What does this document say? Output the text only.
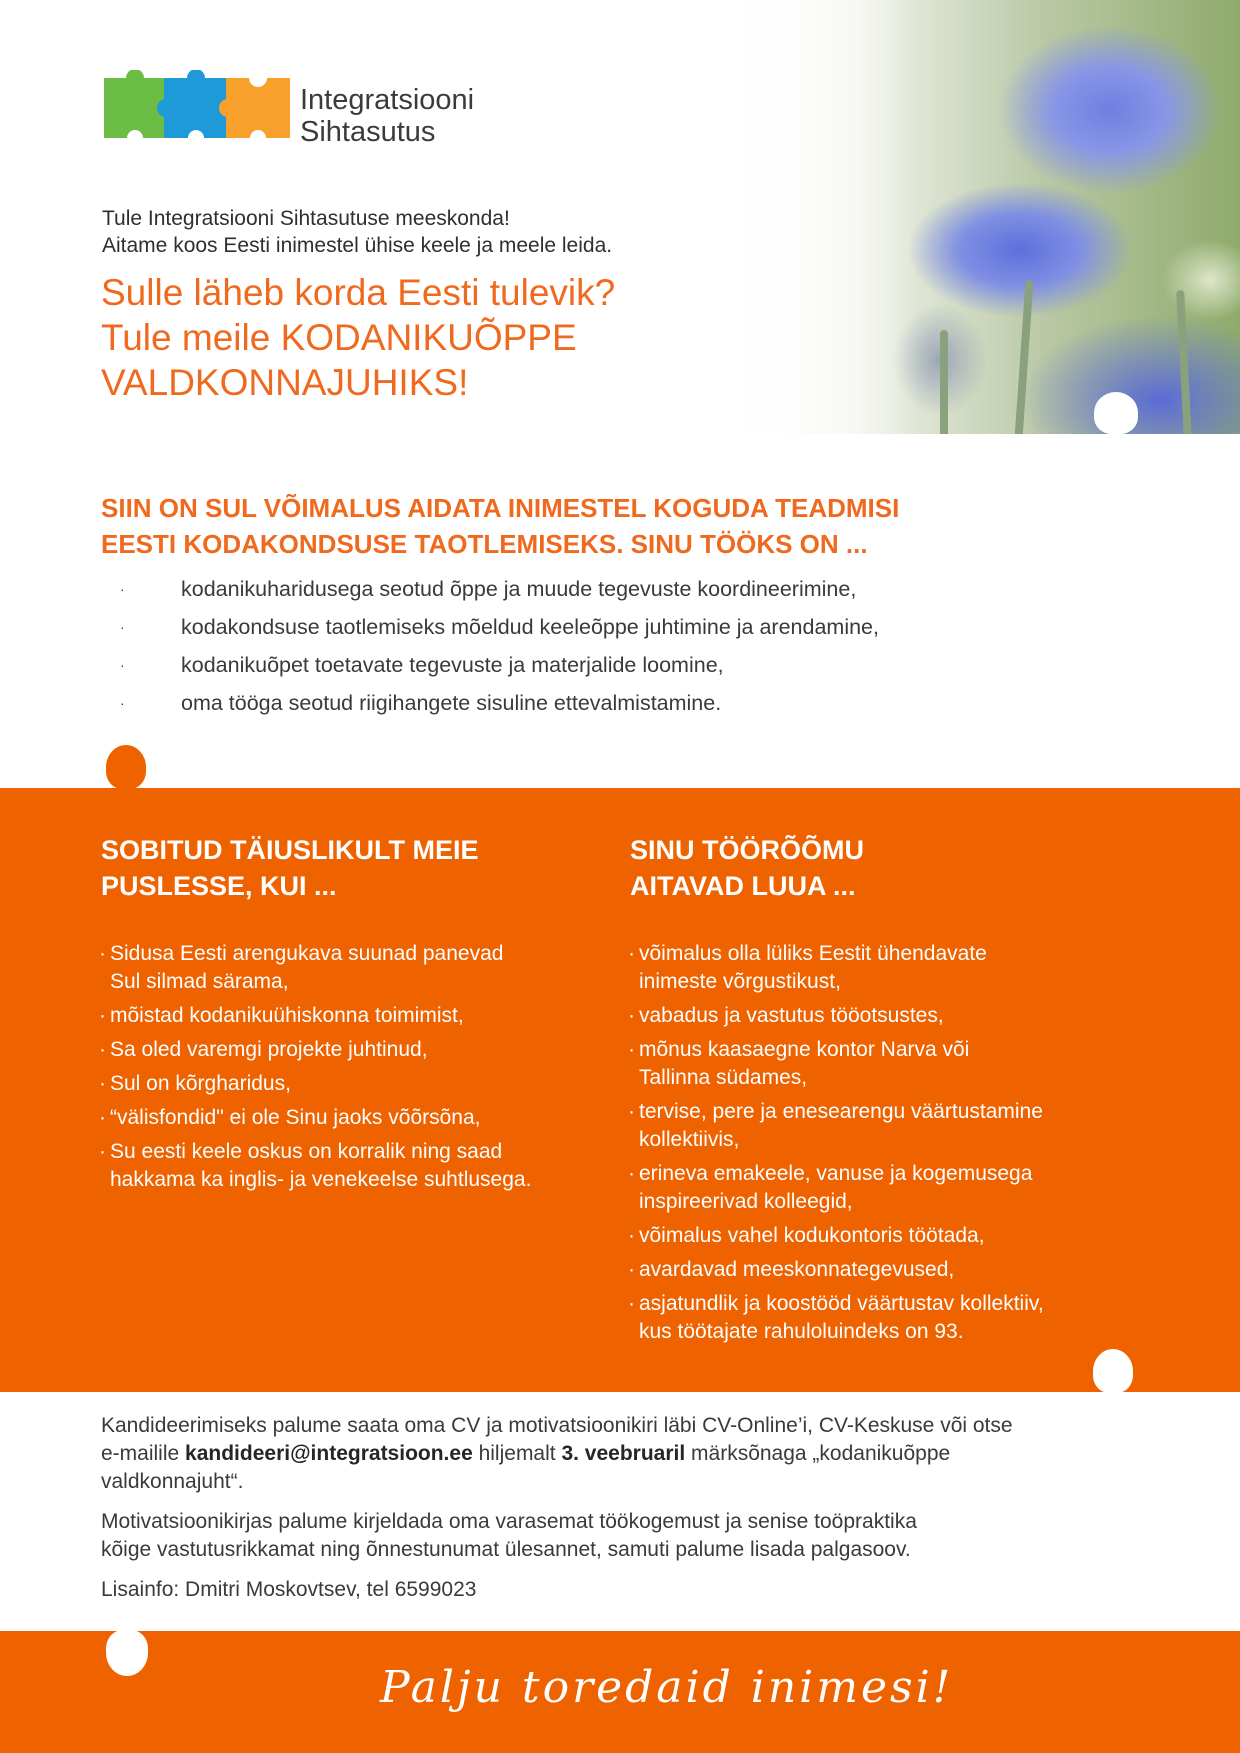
Integratsiooni
Sihtasutus
Tule Integratsiooni Sihtasutuse meeskonda!
Aitame koos Eesti inimestel ühise keele ja meele leida.
Sulle läheb korda Eesti tulevik?
Tule meile KODANIKUÕPPE
VALDKONNAJUHIKS!
SIIN ON SUL VÕIMALUS AIDATA INIMESTEL KOGUDA TEADMISI
EESTI KODAKONDSUSE TAOTLEMISEKS. SINU TÖÖKS ON ...
·	kodanikuharidusega seotud õppe ja muude tegevuste koordineerimine,
·	kodakondsuse taotlemiseks mõeldud keeleõppe juhtimine ja arendamine,
·	kodanikuõpet toetavate tegevuste ja materjalide loomine,
·	oma tööga seotud riigihangete sisuline ettevalmistamine.
SOBITUD TÄIUSLIKULT MEIE
PUSLESSE, KUI ...
· Sidusa Eesti arengukava suunad panevad
Sul silmad särama,
· mõistad kodanikuühiskonna toimimist,
· Sa oled varemgi projekte juhtinud,
· Sul on kõrgharidus,
· “välisfondid" ei ole Sinu jaoks võõrsõna,
· Su eesti keele oskus on korralik ning saad
hakkama ka inglis- ja venekeelse suhtlusega.
SINU TÖÖRÕÕMU
AITAVAD LUUA ...
· võimalus olla lüliks Eestit ühendavate
inimeste võrgustikust,
· vabadus ja vastutus tööotsustes,
· mõnus kaasaegne kontor Narva või
Tallinna südames,
· tervise, pere ja enesearengu väärtustamine
kollektiivis,
· erineva emakeele, vanuse ja kogemusega
inspireerivad kolleegid,
· võimalus vahel kodukontoris töötada,
· avardavad meeskonnategevused,
· asjatundlik ja koostööd väärtustav kollektiiv,
kus töötajate rahuloluindeks on 93.

Kandideerimiseks palume saata oma CV ja motivatsioonikiri läbi CV-Online’i, CV-Keskuse või otse
e-mailile kandideeri@integratsioon.ee hiljemalt 3. veebruaril märksõnaga „kodanikuõppe
valdkonnajuht“.

Motivatsioonikirjas palume kirjeldada oma varasemat töökogemust ja senise toöpraktika
kõige vastutusrikkamat ning õnnestunumat ülesannet, samuti palume lisada palgasoov.

Lisainfo: Dmitri Moskovtsev, tel 6599023

Palju toredaid inimesi!
